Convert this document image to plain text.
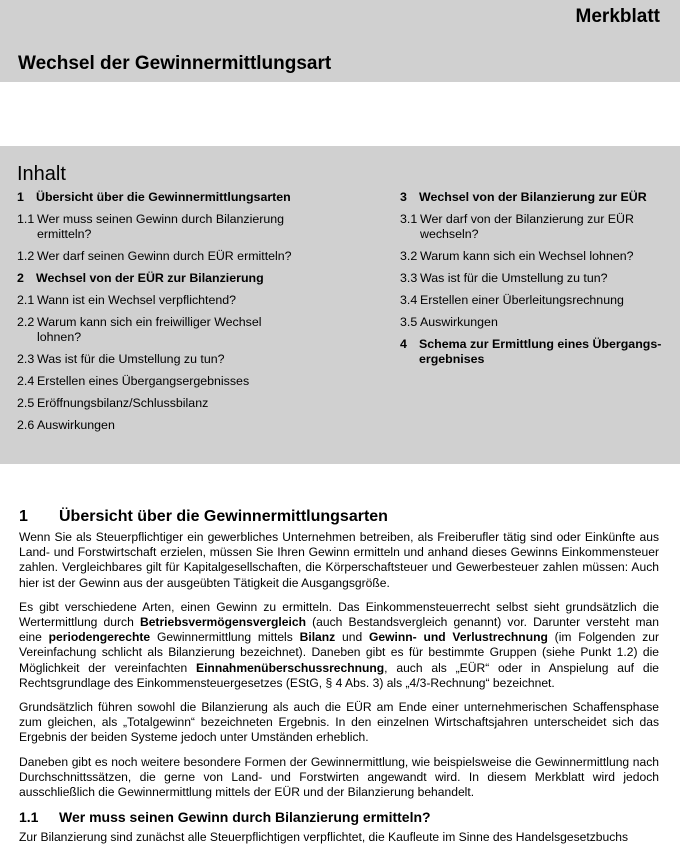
Merkblatt
Wechsel der Gewinnermittlungsart
Inhalt
1 Übersicht über die Gewinnermittlungsarten
1.1 Wer muss seinen Gewinn durch Bilanzierung ermitteln?
1.2 Wer darf seinen Gewinn durch EÜR ermitteln?
2 Wechsel von der EÜR zur Bilanzierung
2.1 Wann ist ein Wechsel verpflichtend?
2.2 Warum kann sich ein freiwilliger Wechsel lohnen?
2.3 Was ist für die Umstellung zu tun?
2.4 Erstellen eines Übergangsergebnisses
2.5 Eröffnungsbilanz/Schlussbilanz
2.6 Auswirkungen
3 Wechsel von der Bilanzierung zur EÜR
3.1 Wer darf von der Bilanzierung zur EÜR wechseln?
3.2 Warum kann sich ein Wechsel lohnen?
3.3 Was ist für die Umstellung zu tun?
3.4 Erstellen einer Überleitungsrechnung
3.5 Auswirkungen
4 Schema zur Ermittlung eines Übergangs-ergebnises
1	Übersicht über die Gewinnermittlungsarten

Wenn Sie als Steuerpflichtiger ein gewerbliches Unternehmen betreiben, als Freiberufler tätig sind oder Einkünfte aus Land- und Forstwirtschaft erzielen, müssen Sie Ihren Gewinn ermitteln und anhand dieses Gewinns Einkommensteuer zahlen. Vergleichbares gilt für Kapitalgesellschaften, die Körperschaftsteuer und Gewerbesteuer zahlen müssen: Auch hier ist der Gewinn aus der ausgeübten Tätigkeit die Ausgangsgröße.

Es gibt verschiedene Arten, einen Gewinn zu ermitteln. Das Einkommensteuerrecht selbst sieht grundsätzlich die Wertermittlung durch Betriebsvermögensvergleich (auch Bestandsvergleich genannt) vor. Darunter versteht man eine periodengerechte Gewinnermittlung mittels Bilanz und Gewinn- und Verlustrechnung (im Folgenden zur Vereinfachung schlicht als Bilanzierung bezeichnet). Daneben gibt es für bestimmte Gruppen (siehe Punkt 1.2) die Möglichkeit der vereinfachten Einnahmenüberschussrechnung, auch als „EÜR“ oder in Anspielung auf die Rechtsgrundlage des Einkommensteuergesetzes (EStG, § 4 Abs. 3) als „4/3-Rechnung“ bezeichnet.

Grundsätzlich führen sowohl die Bilanzierung als auch die EÜR am Ende einer unternehmerischen Schaffensphase zum gleichen, als „Totalgewinn“ bezeichneten Ergebnis. In den einzelnen Wirtschaftsjahren unterscheidet sich das Ergebnis der beiden Systeme jedoch unter Umständen erheblich.

Daneben gibt es noch weitere besondere Formen der Gewinnermittlung, wie beispielsweise die Gewinnermittlung nach Durchschnittssätzen, die gerne von Land- und Forstwirten angewandt wird. In diesem Merkblatt wird jedoch ausschließlich die Gewinnermittlung mittels der EÜR und der Bilanzierung behandelt.

1.1	Wer muss seinen Gewinn durch Bilanzierung ermitteln?

Zur Bilanzierung sind zunächst alle Steuerpflichtigen verpflichtet, die Kaufleute im Sinne des Handelsgesetzbuchs
